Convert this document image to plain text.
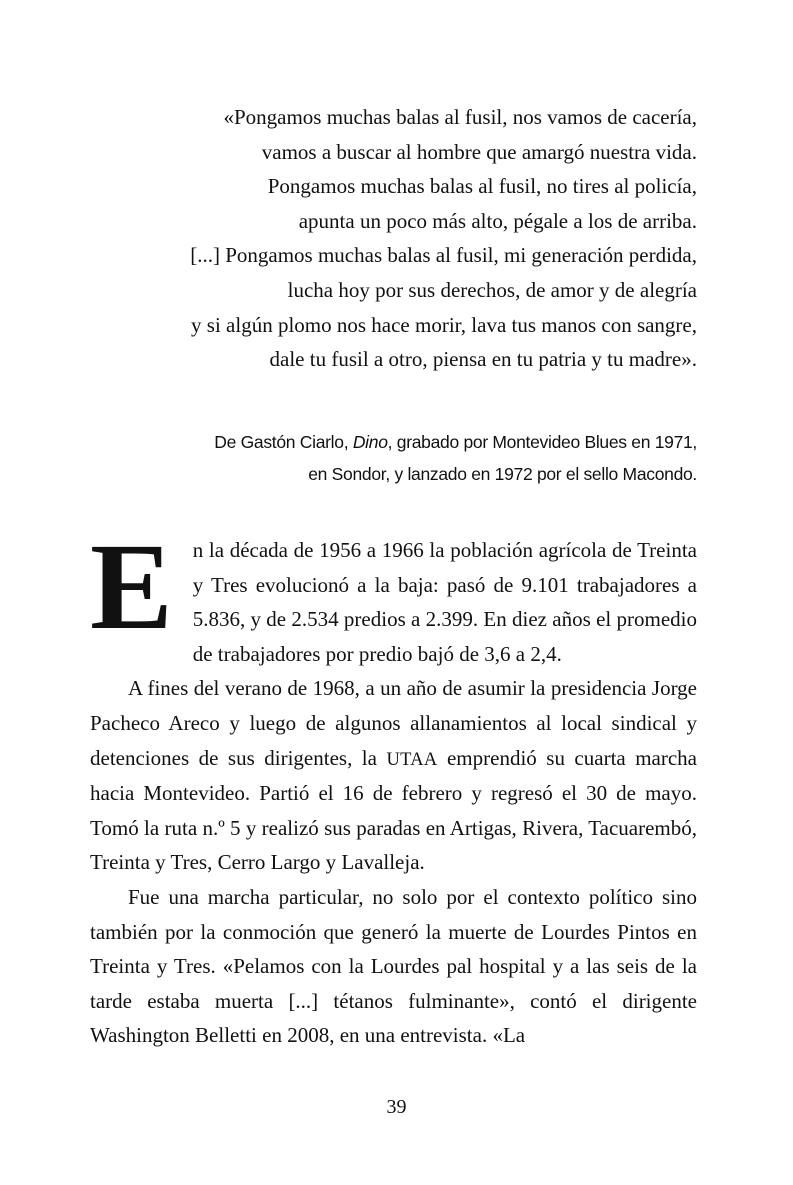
«Pongamos muchas balas al fusil, nos vamos de cacería,
vamos a buscar al hombre que amargó nuestra vida.
Pongamos muchas balas al fusil, no tires al policía,
apunta un poco más alto, pégale a los de arriba.
[...] Pongamos muchas balas al fusil, mi generación perdida,
lucha hoy por sus derechos, de amor y de alegría
y si algún plomo nos hace morir, lava tus manos con sangre,
dale tu fusil a otro, piensa en tu patria y tu madre».
De Gastón Ciarlo, Dino, grabado por Montevideo Blues en 1971,
en Sondor, y lanzado en 1972 por el sello Macondo.

En la década de 1956 a 1966 la población agrícola de Treinta y Tres evolucionó a la baja: pasó de 9.101 trabajadores a 5.836, y de 2.534 predios a 2.399. En diez años el promedio de trabajadores por predio bajó de 3,6 a 2,4.

A fines del verano de 1968, a un año de asumir la presidencia Jorge Pacheco Areco y luego de algunos allanamientos al local sindical y detenciones de sus dirigentes, la UTAA emprendió su cuarta marcha hacia Montevideo. Partió el 16 de febrero y regresó el 30 de mayo. Tomó la ruta n.º 5 y realizó sus paradas en Artigas, Rivera, Tacuarembó, Treinta y Tres, Cerro Largo y Lavalleja.

Fue una marcha particular, no solo por el contexto político sino también por la conmoción que generó la muerte de Lourdes Pintos en Treinta y Tres. «Pelamos con la Lourdes pal hospital y a las seis de la tarde estaba muerta [...] tétanos fulminante», contó el dirigente Washington Belletti en 2008, en una entrevista. «La

39
